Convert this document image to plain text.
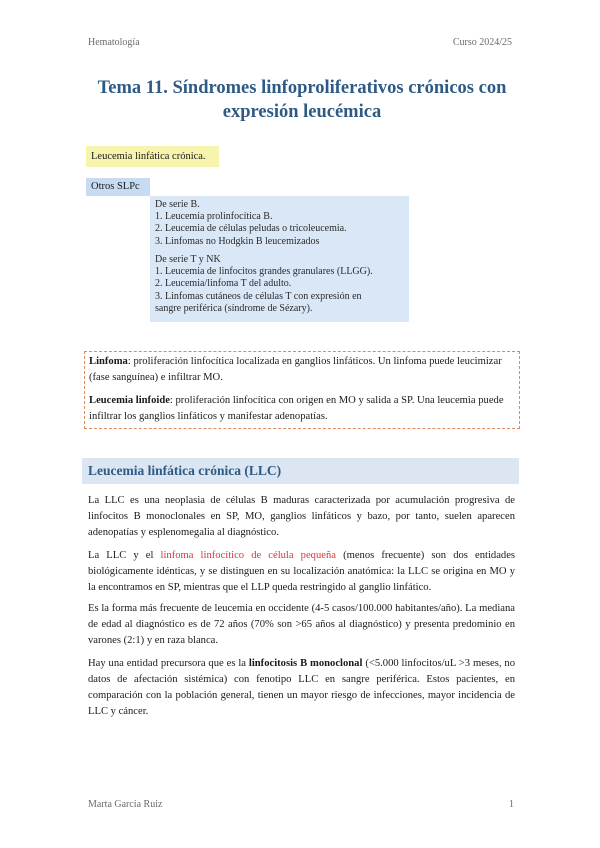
Hematología	Curso 2024/25
Tema 11. Síndromes linfoproliferativos crónicos con expresión leucémica
Leucemia linfática crónica.
Otros SLPc
De serie B.
1. Leucemia prolinfocítica B.
2. Leucemia de células peludas o tricoleucemia.
3. Linfomas no Hodgkin B leucemizados
De serie T y NK
1. Leucemia de linfocitos grandes granulares (LLGG).
2. Leucemia/linfoma T del adulto.
3. Linfomas cutáneos de células T con expresión en
sangre periférica (síndrome de Sézary).

Linfoma: proliferación linfocítica localizada en ganglios linfáticos. Un linfoma puede leucimizar (fase sanguínea) e infiltrar MO.

Leucemia linfoide: proliferación linfocítica con origen en MO y salida a SP. Una leucemia puede infiltrar los ganglios linfáticos y manifestar adenopatías.

Leucemia linfática crónica (LLC)

La LLC es una neoplasia de células B maduras caracterizada por acumulación progresiva de linfocitos B monoclonales en SP, MO, ganglios linfáticos y bazo, por tanto, suelen aparecen adenopatías y esplenomegalia al diagnóstico.

La LLC y el linfoma linfocítico de célula pequeña (menos frecuente) son dos entidades biológicamente idénticas, y se distinguen en su localización anatómica: la LLC se origina en MO y la encontramos en SP, mientras que el LLP queda restringido al ganglio linfático.

Es la forma más frecuente de leucemia en occidente (4-5 casos/100.000 habitantes/año). La mediana de edad al diagnóstico es de 72 años (70% son >65 años al diagnóstico) y presenta predominio en varones (2:1) y en raza blanca.

Hay una entidad precursora que es la linfocitosis B monoclonal (<5.000 linfocitos/uL >3 meses, no datos de afectación sistémica) con fenotipo LLC en sangre periférica. Estos pacientes, en comparación con la población general, tienen un mayor riesgo de infecciones, mayor incidencia de LLC y cáncer.

Marta García Ruiz	1
